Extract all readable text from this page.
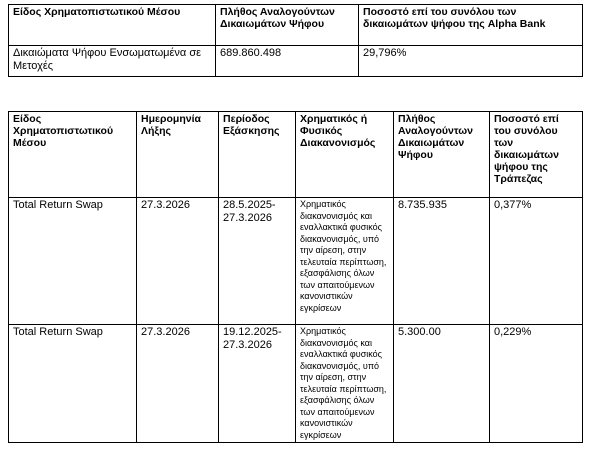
Είδος Χρηματοπιστωτικού Μέσου	Πλήθος Αναλογούντων Δικαιωμάτων Ψήφου	Ποσοστό επί του συνόλου των δικαιωμάτων ψήφου της Alpha Bank
Δικαιώματα Ψήφου Ενσωματωμένα σε Μετοχές	689.860.498	29,796%
Είδος Χρηματοπιστωτικού Μέσου	Ημερομηνία Λήξης	Περίοδος Εξάσκησης	Χρηματικός ή Φυσικός Διακανονισμός	Πλήθος Αναλογούντων Δικαιωμάτων Ψήφου	Ποσοστό επί του συνόλου των δικαιωμάτων ψήφου της Τράπεζας
Total Return Swap	27.3.2026	28.5.2025-27.3.2026	Χρηματικός διακανονισμός και εναλλακτικά φυσικός διακανονισμός, υπό την αίρεση, στην τελευταία περίπτωση, εξασφάλισης όλων των απαιτούμενων κανονιστικών εγκρίσεων	8.735.935	0,377%
Total Return Swap	27.3.2026	19.12.2025-27.3.2026	Χρηματικός διακανονισμός και εναλλακτικά φυσικός διακανονισμός, υπό την αίρεση, στην τελευταία περίπτωση, εξασφάλισης όλων των απαιτούμενων κανονιστικών εγκρίσεων	5.300.00	0,229%
